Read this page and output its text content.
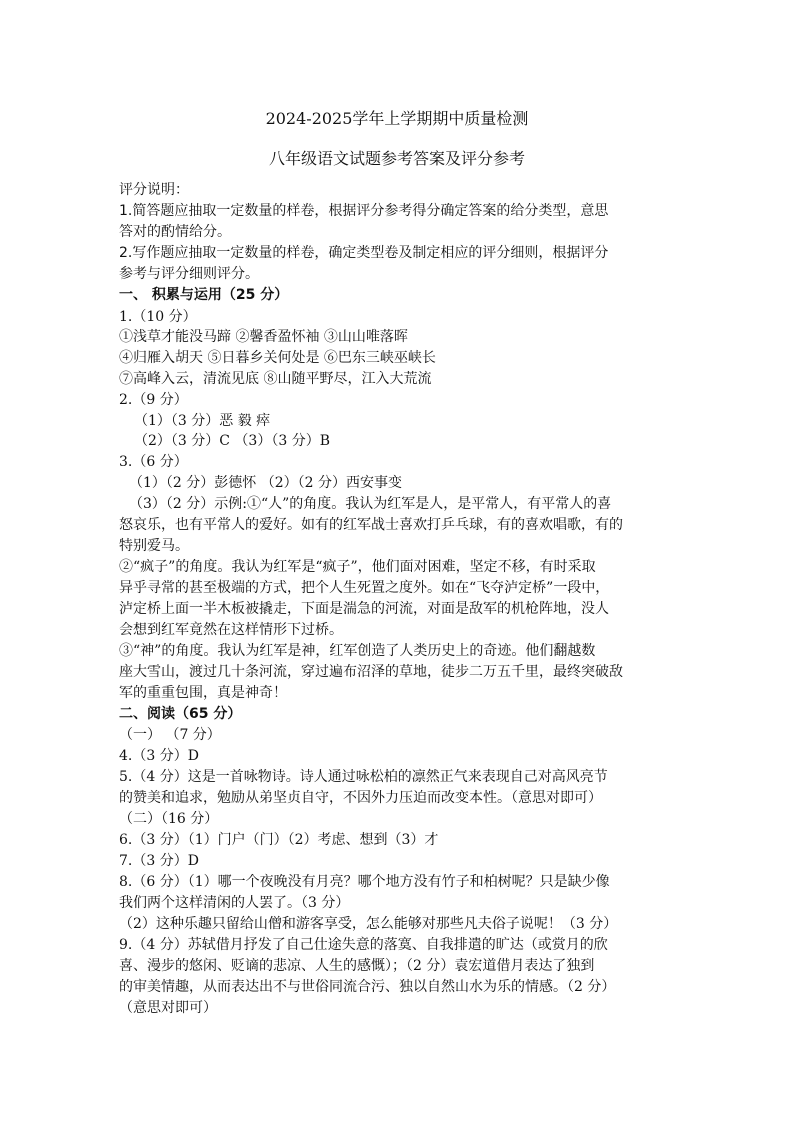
2024-2025学年上学期期中质量检测
八年级语文试题参考答案及评分参考
评分说明：
1.简答题应抽取一定数量的样卷，根据评分参考得分确定答案的给分类型，意思
答对的酌情给分。
2.写作题应抽取一定数量的样卷，确定类型卷及制定相应的评分细则，根据评分
参考与评分细则评分。
一、 积累与运用（25 分）
1.（10 分）
①浅草才能没马蹄 ②馨香盈怀袖 ③山山唯落晖
④归雁入胡天 ⑤日暮乡关何处是 ⑥巴东三峡巫峡长
⑦高峰入云，清流见底 ⑧山随平野尽，江入大荒流
2.（9 分）
（1）（3 分）恶 毅 瘁
（2）（3 分）C （3）（3 分）B
3.（6 分）
（1）（2 分）彭德怀 （2）（2 分）西安事变
（3）（2 分）示例:①“人”的角度。我认为红军是人，是平常人，有平常人的喜
怒哀乐，也有平常人的爱好。如有的红军战士喜欢打乒乓球，有的喜欢唱歌，有的
特别爱马。
②“疯子”的角度。我认为红军是“疯子”，他们面对困难，坚定不移，有时采取
异乎寻常的甚至极端的方式，把个人生死置之度外。如在“飞夺泸定桥”一段中，
泸定桥上面一半木板被撬走，下面是湍急的河流，对面是敌军的机枪阵地，没人
会想到红军竟然在这样情形下过桥。
③“神”的角度。我认为红军是神，红军创造了人类历史上的奇迹。他们翻越数
座大雪山，渡过几十条河流，穿过遍布沼泽的草地，徒步二万五千里，最终突破敌
军的重重包围，真是神奇！
二、阅读（65 分）
（一） （7 分）
4.（3 分）D
5.（4 分）这是一首咏物诗。诗人通过咏松柏的凛然正气来表现自己对高风亮节
的赞美和追求，勉励从弟坚贞自守，不因外力压迫而改变本性。（意思对即可）
（二）（16 分）
6.（3 分）（1）门户（门）（2）考虑、想到（3）才
7.（3 分）D
8.（6 分）（1）哪一个夜晚没有月亮？哪个地方没有竹子和柏树呢？只是缺少像
我们两个这样清闲的人罢了。（3 分）
（2）这种乐趣只留给山僧和游客享受，怎么能够对那些凡夫俗子说呢！（3 分）
9.（4 分）苏轼借月抒发了自己仕途失意的落寞、自我排遣的旷达（或赏月的欣
喜、漫步的悠闲、贬谪的悲凉、人生的感慨）；（2 分）袁宏道借月表达了独到
的审美情趣，从而表达出不与世俗同流合污、独以自然山水为乐的情感。（2 分）
（意思对即可）
